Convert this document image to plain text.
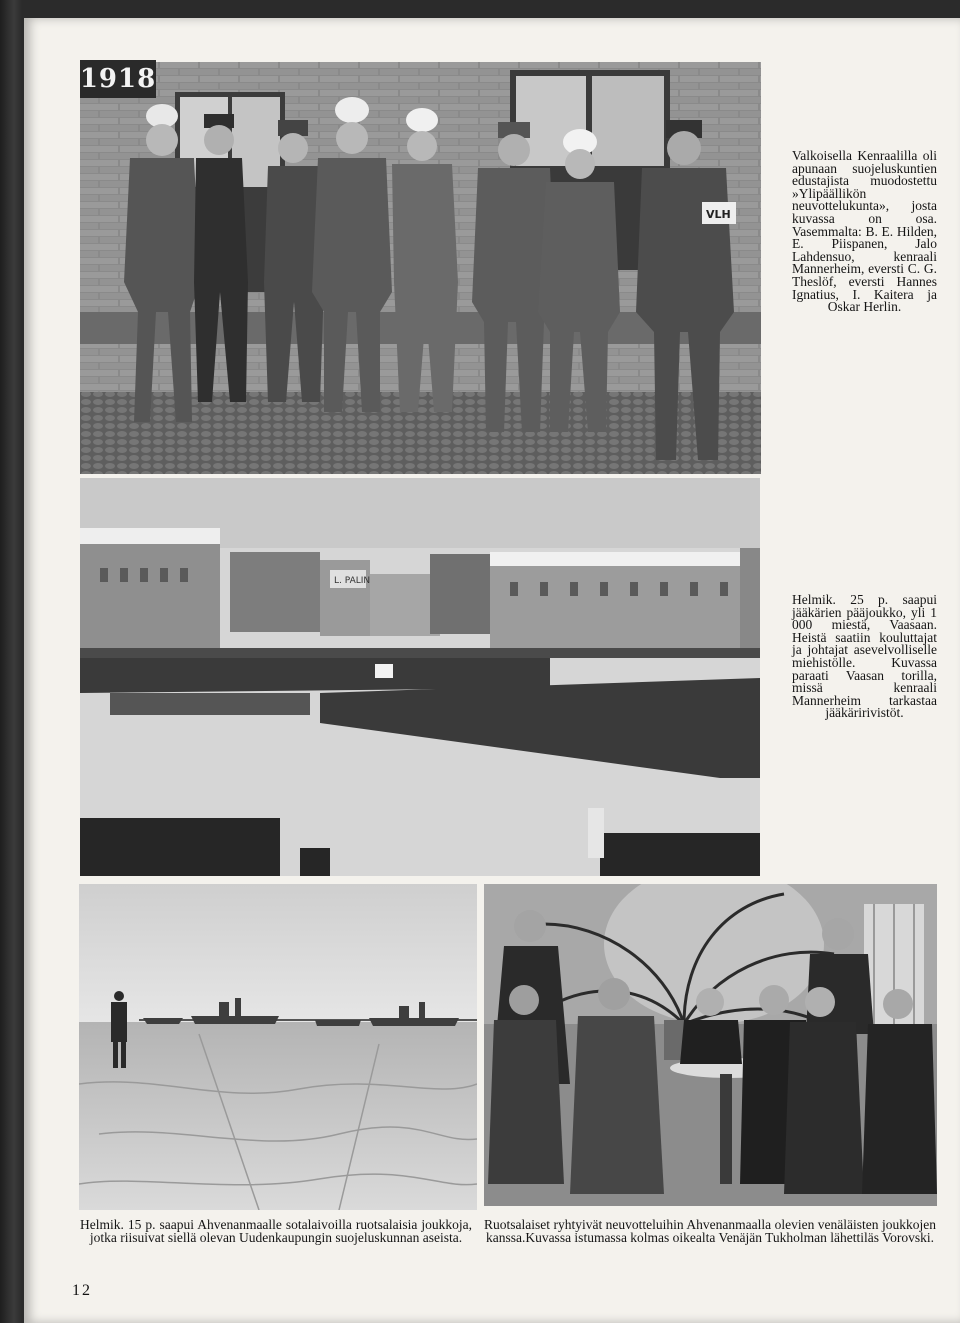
1918
VLH
Valkoisella Kenraalilla oli apunaan suojeluskuntien edustajista muodostettu »Ylipäällikön neuvottelukunta», josta kuvassa on osa. Vasemmalta: B. E. Hilden, E. Piispanen, Jalo Lahdensuo, kenraali Mannerheim, eversti C. G. Theslöf, eversti Hannes Ignatius, I. Kaitera ja Oskar Herlin.
L. PALIN
Helmik. 25 p. saapui jääkärien pääjoukko, yli 1 000 miestä, Vaasaan. Heistä saatiin kouluttajat ja johtajat asevelvolliselle miehistölle. Kuvassa paraati Vaasan torilla, missä kenraali Mannerheim tarkastaa jääkäririvistöt.
Helmik. 15 p. saapui Ahvenanmaalle sotalaivoilla ruotsalaisia joukkoja, jotka riisuivat siellä olevan Uudenkaupungin suojeluskunnan aseista.
Ruotsalaiset ryhtyivät neuvotteluihin Ahvenanmaalla olevien venäläisten joukkojen kanssa.Kuvassa istumassa kolmas oikealta Venäjän Tukholman lähettiläs Vorovski.
12
